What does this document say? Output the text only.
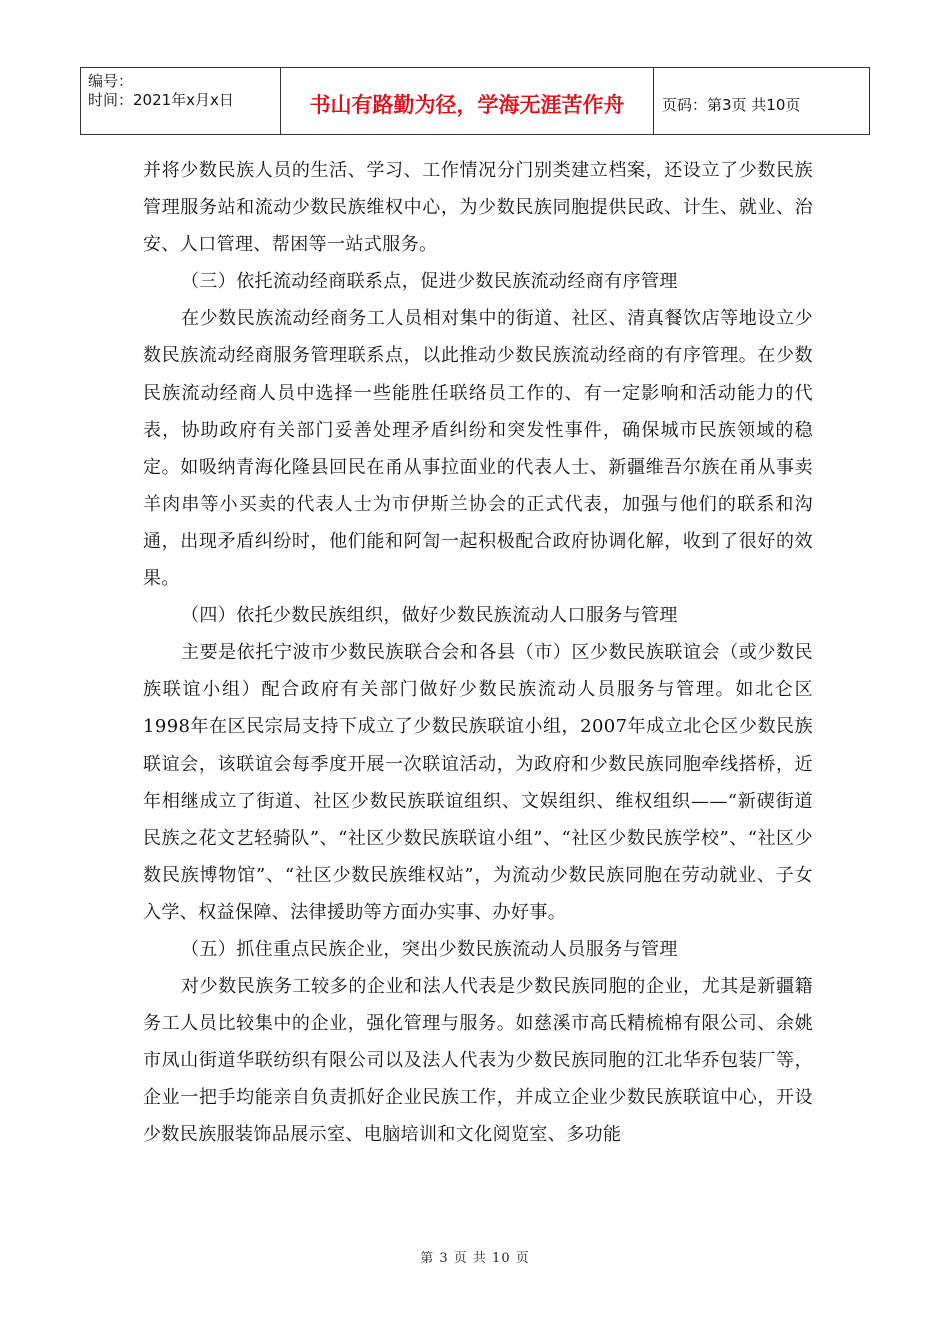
编号：
时间：2021年x月x日	书山有路勤为径，学海无涯苦作舟	页码：第3页 共10页

并将少数民族人员的生活、学习、工作情况分门别类建立档案，还设立了少数民族管理服务站和流动少数民族维权中心，为少数民族同胞提供民政、计生、就业、治安、人口管理、帮困等一站式服务。

（三）依托流动经商联系点，促进少数民族流动经商有序管理

在少数民族流动经商务工人员相对集中的街道、社区、清真餐饮店等地设立少数民族流动经商服务管理联系点，以此推动少数民族流动经商的有序管理。在少数民族流动经商人员中选择一些能胜任联络员工作的、有一定影响和活动能力的代表，协助政府有关部门妥善处理矛盾纠纷和突发性事件，确保城市民族领域的稳定。如吸纳青海化隆县回民在甬从事拉面业的代表人士、新疆维吾尔族在甬从事卖羊肉串等小买卖的代表人士为市伊斯兰协会的正式代表，加强与他们的联系和沟通，出现矛盾纠纷时，他们能和阿訇一起积极配合政府协调化解，收到了很好的效果。

（四）依托少数民族组织，做好少数民族流动人口服务与管理

主要是依托宁波市少数民族联合会和各县（市）区少数民族联谊会（或少数民族联谊小组）配合政府有关部门做好少数民族流动人员服务与管理。如北仑区1998年在区民宗局支持下成立了少数民族联谊小组，2007年成立北仑区少数民族联谊会，该联谊会每季度开展一次联谊活动，为政府和少数民族同胞牵线搭桥，近年相继成立了街道、社区少数民族联谊组织、文娱组织、维权组织——“新碶街道民族之花文艺轻骑队”、“社区少数民族联谊小组”、“社区少数民族学校”、“社区少数民族博物馆”、“社区少数民族维权站”，为流动少数民族同胞在劳动就业、子女入学、权益保障、法律援助等方面办实事、办好事。

（五）抓住重点民族企业，突出少数民族流动人员服务与管理

对少数民族务工较多的企业和法人代表是少数民族同胞的企业，尤其是新疆籍务工人员比较集中的企业，强化管理与服务。如慈溪市高氏精梳棉有限公司、余姚市凤山街道华联纺织有限公司以及法人代表为少数民族同胞的江北华乔包装厂等，企业一把手均能亲自负责抓好企业民族工作，并成立企业少数民族联谊中心，开设少数民族服装饰品展示室、电脑培训和文化阅览室、多功能

第 3 页 共 10 页
